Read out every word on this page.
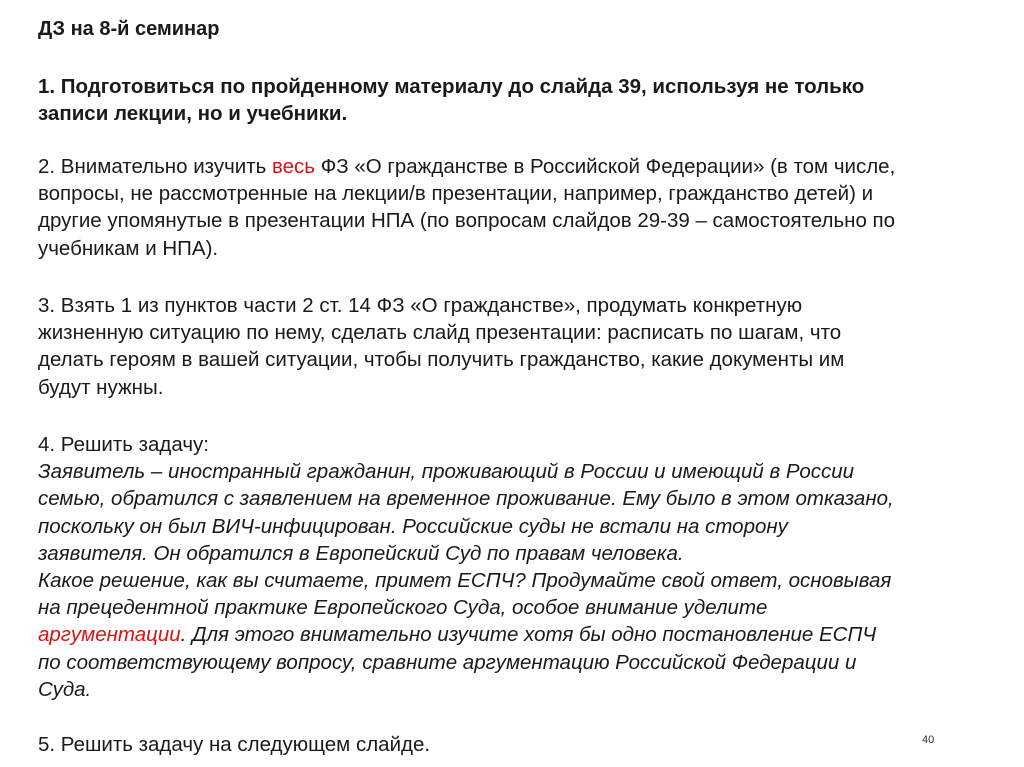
ДЗ на 8-й семинар
1. Подготовиться по пройденному материалу до слайда 39, используя не только
записи лекции, но и учебники.
2. Внимательно изучить весь ФЗ «О гражданстве в Российской Федерации» (в том числе,
вопросы, не рассмотренные на лекции/в презентации, например, гражданство детей) и
другие упомянутые в презентации НПА (по вопросам слайдов 29-39 – самостоятельно по
учебникам и НПА).
3. Взять 1 из пунктов части 2 ст. 14 ФЗ «О гражданстве», продумать конкретную
жизненную ситуацию по нему, сделать слайд презентации: расписать по шагам, что
делать героям в вашей ситуации, чтобы получить гражданство, какие документы им
будут нужны.
4. Решить задачу:
Заявитель – иностранный гражданин, проживающий в России и имеющий в России
семью, обратился с заявлением на временное проживание. Ему было в этом отказано,
поскольку он был ВИЧ-инфицирован. Российские суды не встали на сторону
заявителя. Он обратился в Европейский Суд по правам человека.
Какое решение, как вы считаете, примет ЕСПЧ? Продумайте свой ответ, основывая
на прецедентной практике Европейского Суда, особое внимание уделите
аргументации. Для этого внимательно изучите хотя бы одно постановление ЕСПЧ
по соответствующему вопросу, сравните аргументацию Российской Федерации и
Суда.
5. Решить задачу на следующем слайде.	40
